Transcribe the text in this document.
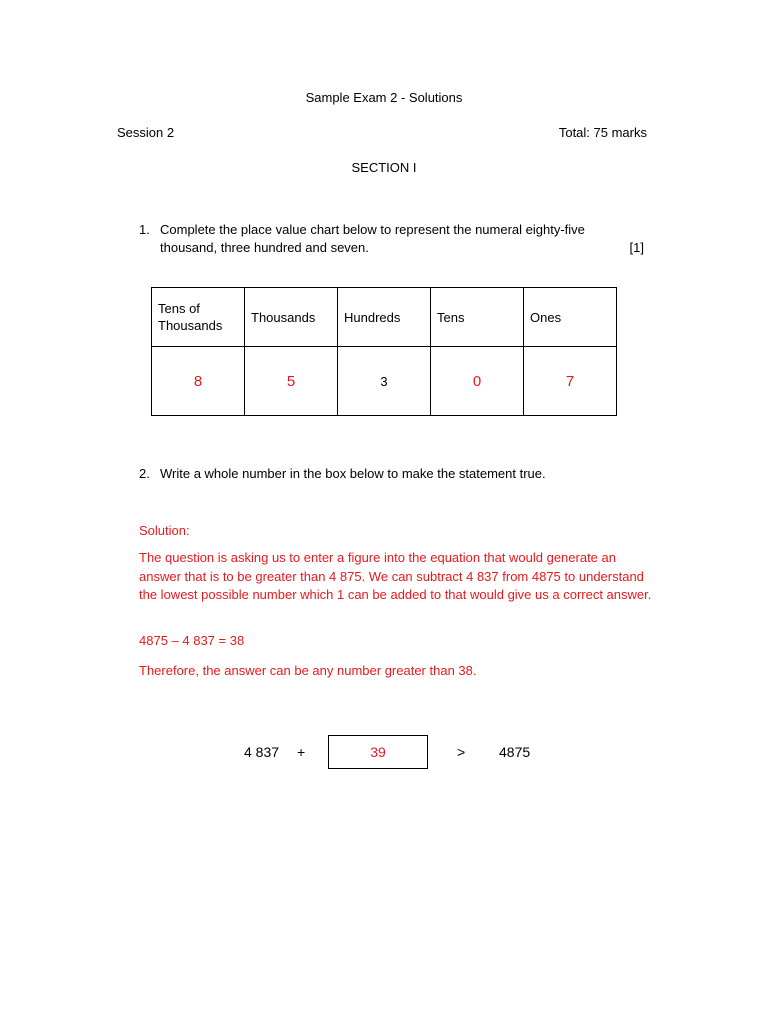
Sample Exam 2 - Solutions
Session 2	Total: 75 marks
SECTION I
1. Complete the place value chart below to represent the numeral eighty-five
thousand, three hundred and seven.	[1]
Tens of Thousands	Thousands	Hundreds	Tens	Ones
8	5	3	0	7
2. Write a whole number in the box below to make the statement true.
Solution:
The question is asking us to enter a figure into the equation that would generate an answer that is to be greater than 4 875. We can subtract 4 837 from 4875 to understand the lowest possible number which 1 can be added to that would give us a correct answer.
4875 – 4 837 = 38
Therefore, the answer can be any number greater than 38.
4 837 +	39	> 4875
